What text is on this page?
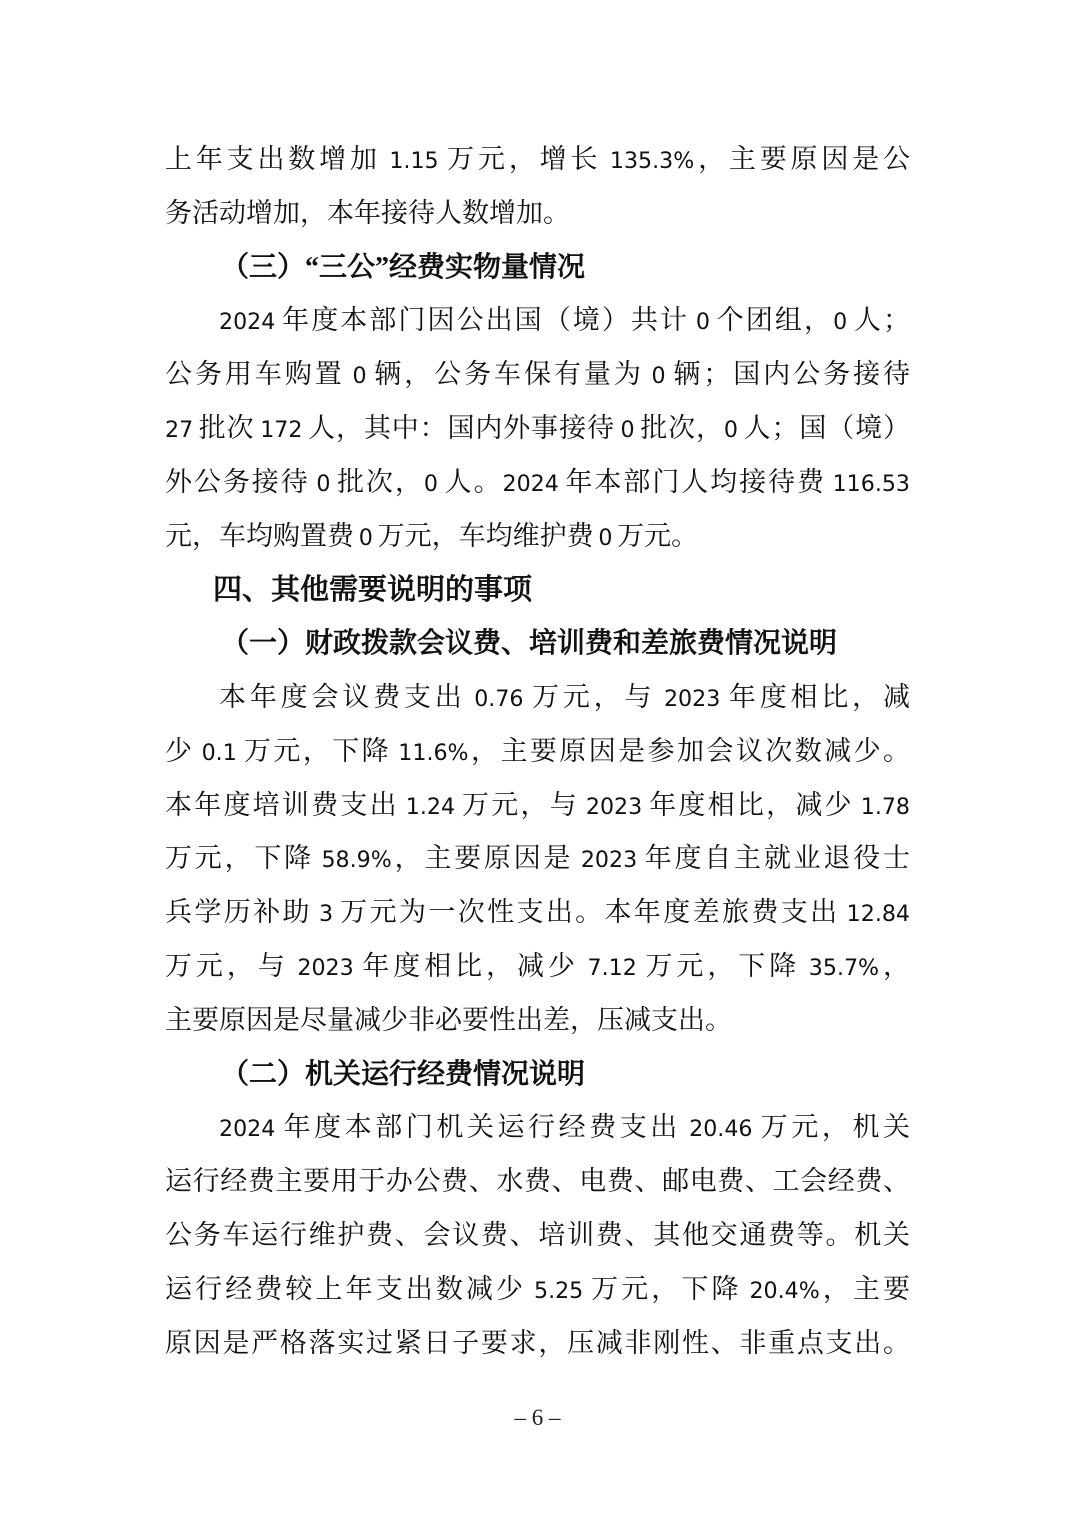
上年支出数增加 1.15 万元，增长 135.3%，主要原因是公
务活动增加，本年接待人数增加。
（三）“三公”经费实物量情况
2024 年度本部门因公出国（境）共计 0 个团组，0 人；
公务用车购置 0 辆，公务车保有量为 0 辆；国内公务接待
27 批次 172 人，其中：国内外事接待 0 批次，0 人；国（境）
外公务接待 0 批次，0 人。2024 年本部门人均接待费 116.53
元，车均购置费 0 万元，车均维护费 0 万元。
四、其他需要说明的事项
（一）财政拨款会议费、培训费和差旅费情况说明
本年度会议费支出 0.76 万元，与 2023 年度相比，减
少 0.1 万元，下降 11.6%，主要原因是参加会议次数减少。
本年度培训费支出 1.24 万元，与 2023 年度相比，减少 1.78
万元，下降 58.9%，主要原因是 2023 年度自主就业退役士
兵学历补助 3 万元为一次性支出。本年度差旅费支出 12.84
万元，与 2023 年度相比，减少 7.12 万元，下降 35.7%，
主要原因是尽量减少非必要性出差，压减支出。
（二）机关运行经费情况说明
2024 年度本部门机关运行经费支出 20.46 万元，机关
运行经费主要用于办公费、水费、电费、邮电费、工会经费、
公务车运行维护费、会议费、培训费、其他交通费等。机关
运行经费较上年支出数减少 5.25 万元，下降 20.4%，主要
原因是严格落实过紧日子要求，压减非刚性、非重点支出。
– 6 –
